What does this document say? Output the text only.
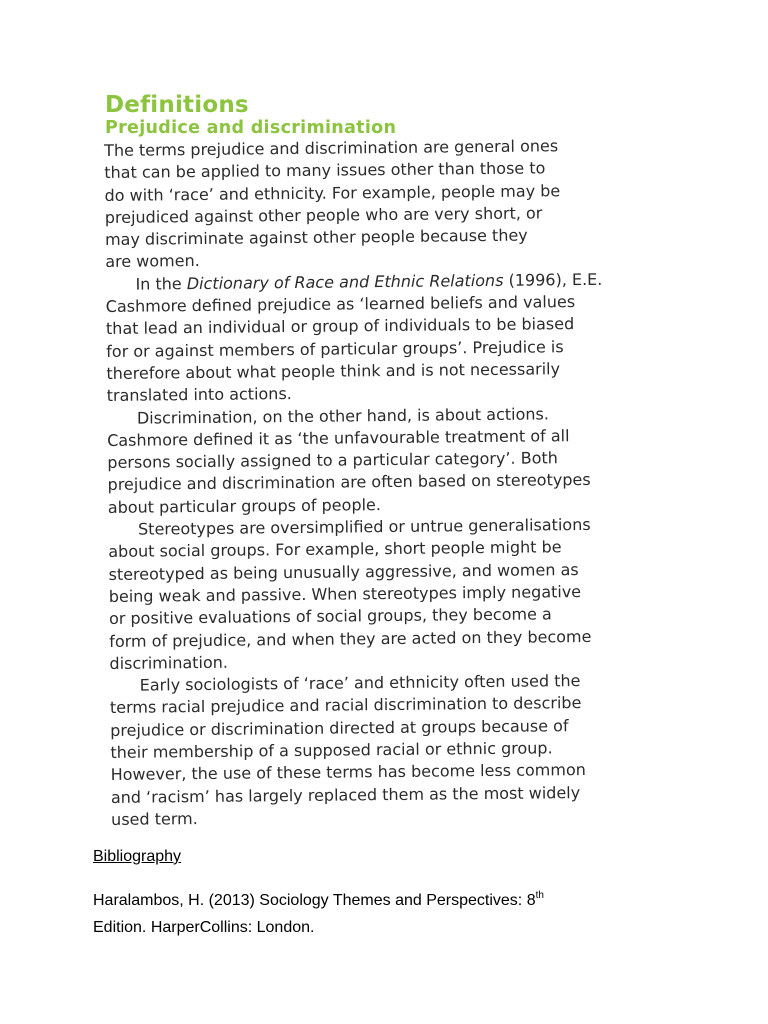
Definitions
Prejudice and discrimination

The terms prejudice and discrimination are general ones

that can be applied to many issues other than those to

do with ‘race’ and ethnicity. For example, people may be

prejudiced against other people who are very short, or

may discriminate against other people because they

are women.

In the Dictionary of Race and Ethnic Relations (1996), E.E.

Cashmore defined prejudice as ‘learned beliefs and values

that lead an individual or group of individuals to be biased

for or against members of particular groups’. Prejudice is

therefore about what people think and is not necessarily

translated into actions.

Discrimination, on the other hand, is about actions.

Cashmore defined it as ‘the unfavourable treatment of all

persons socially assigned to a particular category’. Both

prejudice and discrimination are often based on stereotypes

about particular groups of people.

Stereotypes are oversimplified or untrue generalisations

about social groups. For example, short people might be

stereotyped as being unusually aggressive, and women as

being weak and passive. When stereotypes imply negative

or positive evaluations of social groups, they become a

form of prejudice, and when they are acted on they become

discrimination.

Early sociologists of ‘race’ and ethnicity often used the

terms racial prejudice and racial discrimination to describe

prejudice or discrimination directed at groups because of

their membership of a supposed racial or ethnic group.

However, the use of these terms has become less common

and ‘racism’ has largely replaced them as the most widely

used term.

Bibliography

Haralambos, H. (2013) Sociology Themes and Perspectives: 8th
Edition. HarperCollins: London.
